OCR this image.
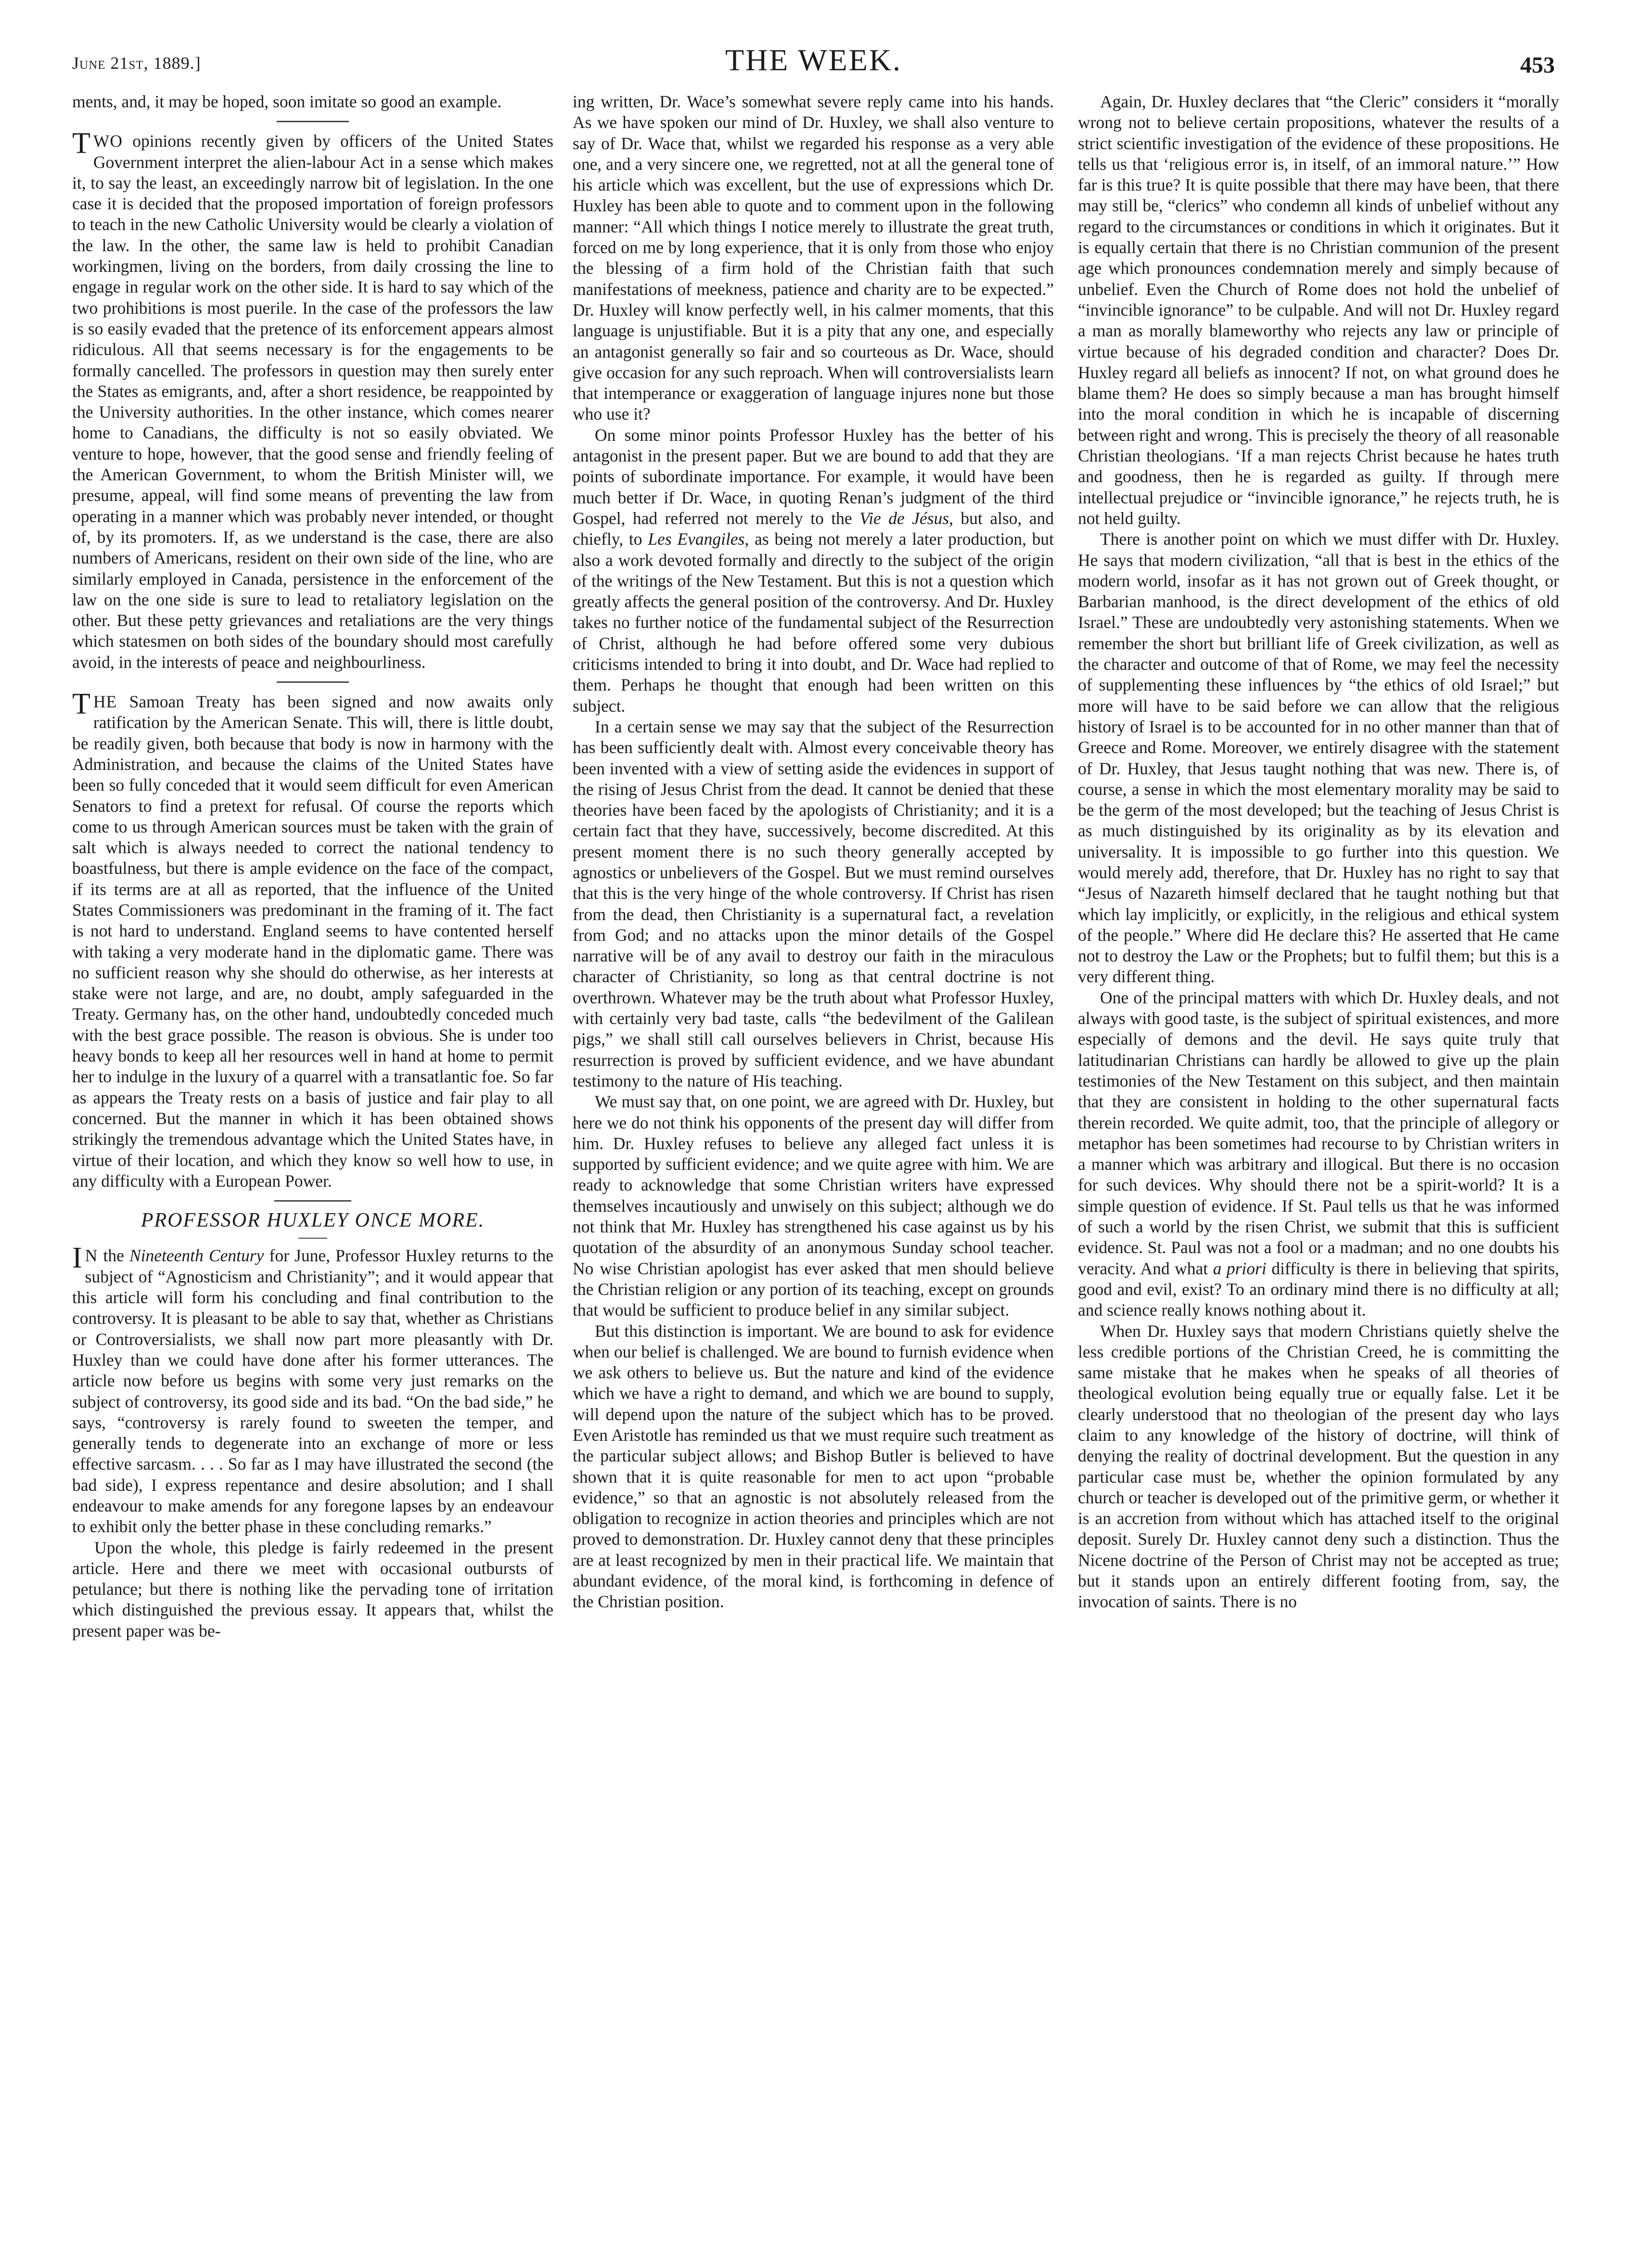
June 21st, 1889.]	THE WEEK.	453

ments, and, it may be hoped, soon imitate so good an example.

TWO opinions recently given by officers of the United States Government interpret the alien-labour Act in a sense which makes it, to say the least, an exceedingly narrow bit of legislation. In the one case it is decided that the proposed importation of foreign professors to teach in the new Catholic University would be clearly a violation of the law. In the other, the same law is held to prohibit Canadian workingmen, living on the borders, from daily crossing the line to engage in regular work on the other side. It is hard to say which of the two prohibitions is most puerile. In the case of the professors the law is so easily evaded that the pretence of its enforcement appears almost ridiculous. All that seems necessary is for the engagements to be formally cancelled. The professors in question may then surely enter the States as emigrants, and, after a short residence, be reappointed by the University authorities. In the other instance, which comes nearer home to Canadians, the difficulty is not so easily obviated. We venture to hope, however, that the good sense and friendly feeling of the American Government, to whom the British Minister will, we presume, appeal, will find some means of preventing the law from operating in a manner which was probably never intended, or thought of, by its promoters. If, as we understand is the case, there are also numbers of Americans, resident on their own side of the line, who are similarly employed in Canada, persistence in the enforcement of the law on the one side is sure to lead to retaliatory legislation on the other. But these petty grievances and retaliations are the very things which statesmen on both sides of the boundary should most carefully avoid, in the interests of peace and neighbourliness.

THE Samoan Treaty has been signed and now awaits only ratification by the American Senate. This will, there is little doubt, be readily given, both because that body is now in harmony with the Administration, and because the claims of the United States have been so fully conceded that it would seem difficult for even American Senators to find a pretext for refusal. Of course the reports which come to us through American sources must be taken with the grain of salt which is always needed to correct the national tendency to boastfulness, but there is ample evidence on the face of the compact, if its terms are at all as reported, that the influence of the United States Commissioners was predominant in the framing of it. The fact is not hard to understand. England seems to have contented herself with taking a very moderate hand in the diplomatic game. There was no sufficient reason why she should do otherwise, as her interests at stake were not large, and are, no doubt, amply safeguarded in the Treaty. Germany has, on the other hand, undoubtedly conceded much with the best grace possible. The reason is obvious. She is under too heavy bonds to keep all her resources well in hand at home to permit her to indulge in the luxury of a quarrel with a transatlantic foe. So far as appears the Treaty rests on a basis of justice and fair play to all concerned. But the manner in which it has been obtained shows strikingly the tremendous advantage which the United States have, in virtue of their location, and which they know so well how to use, in any difficulty with a European Power.

PROFESSOR HUXLEY ONCE MORE.

I N the Nineteenth Century for June, Professor Huxley returns to the subject of “Agnosticism and Christianity”; and it would appear that this article will form his concluding and final contribution to the controversy. It is pleasant to be able to say that, whether as Christians or Controversialists, we shall now part more pleasantly with Dr. Huxley than we could have done after his former utterances. The article now before us begins with some very just remarks on the subject of controversy, its good side and its bad. “On the bad side,” he says, “controversy is rarely found to sweeten the temper, and generally tends to degenerate into an exchange of more or less effective sarcasm. . . . So far as I may have illustrated the second (the bad side), I express repentance and desire absolution; and I shall endeavour to make amends for any foregone lapses by an endeavour to exhibit only the better phase in these concluding remarks.”

Upon the whole, this pledge is fairly redeemed in the present article. Here and there we meet with occasional outbursts of petulance; but there is nothing like the pervading tone of irritation which distinguished the previous essay. It appears that, whilst the present paper was be-

ing written, Dr. Wace’s somewhat severe reply came into his hands. As we have spoken our mind of Dr. Huxley, we shall also venture to say of Dr. Wace that, whilst we regarded his response as a very able one, and a very sincere one, we regretted, not at all the general tone of his article which was excellent, but the use of expressions which Dr. Huxley has been able to quote and to comment upon in the following manner: “All which things I notice merely to illustrate the great truth, forced on me by long experience, that it is only from those who enjoy the blessing of a firm hold of the Christian faith that such manifestations of meekness, patience and charity are to be expected.” Dr. Huxley will know perfectly well, in his calmer moments, that this language is unjustifiable. But it is a pity that any one, and especially an antagonist generally so fair and so courteous as Dr. Wace, should give occasion for any such reproach. When will controversialists learn that intemperance or exaggeration of language injures none but those who use it?

On some minor points Professor Huxley has the better of his antagonist in the present paper. But we are bound to add that they are points of subordinate importance. For example, it would have been much better if Dr. Wace, in quoting Renan’s judgment of the third Gospel, had referred not merely to the Vie de Jésus, but also, and chiefly, to Les Evangiles, as being not merely a later production, but also a work devoted formally and directly to the subject of the origin of the writings of the New Testament. But this is not a question which greatly affects the general position of the controversy. And Dr. Huxley takes no further notice of the fundamental subject of the Resurrection of Christ, although he had before offered some very dubious criticisms intended to bring it into doubt, and Dr. Wace had replied to them. Perhaps he thought that enough had been written on this subject.

In a certain sense we may say that the subject of the Resurrection has been sufficiently dealt with. Almost every conceivable theory has been invented with a view of setting aside the evidences in support of the rising of Jesus Christ from the dead. It cannot be denied that these theories have been faced by the apologists of Christianity; and it is a certain fact that they have, successively, become discredited. At this present moment there is no such theory generally accepted by agnostics or unbelievers of the Gospel. But we must remind ourselves that this is the very hinge of the whole controversy. If Christ has risen from the dead, then Christianity is a supernatural fact, a revelation from God; and no attacks upon the minor details of the Gospel narrative will be of any avail to destroy our faith in the miraculous character of Christianity, so long as that central doctrine is not overthrown. Whatever may be the truth about what Professor Huxley, with certainly very bad taste, calls “the bedevilment of the Galilean pigs,” we shall still call ourselves believers in Christ, because His resurrection is proved by sufficient evidence, and we have abundant testimony to the nature of His teaching.

We must say that, on one point, we are agreed with Dr. Huxley, but here we do not think his opponents of the present day will differ from him. Dr. Huxley refuses to believe any alleged fact unless it is supported by sufficient evidence; and we quite agree with him. We are ready to acknowledge that some Christian writers have expressed themselves incautiously and unwisely on this subject; although we do not think that Mr. Huxley has strengthened his case against us by his quotation of the absurdity of an anonymous Sunday school teacher. No wise Christian apologist has ever asked that men should believe the Christian religion or any portion of its teaching, except on grounds that would be sufficient to produce belief in any similar subject.

But this distinction is important. We are bound to ask for evidence when our belief is challenged. We are bound to furnish evidence when we ask others to believe us. But the nature and kind of the evidence which we have a right to demand, and which we are bound to supply, will depend upon the nature of the subject which has to be proved. Even Aristotle has reminded us that we must require such treatment as the particular subject allows; and Bishop Butler is believed to have shown that it is quite reasonable for men to act upon “probable evidence,” so that an agnostic is not absolutely released from the obligation to recognize in action theories and principles which are not proved to demonstration. Dr. Huxley cannot deny that these principles are at least recognized by men in their practical life. We maintain that abundant evidence, of the moral kind, is forthcoming in defence of the Christian position.

Again, Dr. Huxley declares that “the Cleric” considers it “morally wrong not to believe certain propositions, whatever the results of a strict scientific investigation of the evidence of these propositions. He tells us that ‘religious error is, in itself, of an immoral nature.’” How far is this true? It is quite possible that there may have been, that there may still be, “clerics” who condemn all kinds of unbelief without any regard to the circumstances or conditions in which it originates. But it is equally certain that there is no Christian communion of the present age which pronounces condemnation merely and simply because of unbelief. Even the Church of Rome does not hold the unbelief of “invincible ignorance” to be culpable. And will not Dr. Huxley regard a man as morally blameworthy who rejects any law or principle of virtue because of his degraded condition and character? Does Dr. Huxley regard all beliefs as innocent? If not, on what ground does he blame them? He does so simply because a man has brought himself into the moral condition in which he is incapable of discerning between right and wrong. This is precisely the theory of all reasonable Christian theologians. ‘If a man rejects Christ because he hates truth and goodness, then he is regarded as guilty. If through mere intellectual prejudice or “invincible ignorance,” he rejects truth, he is not held guilty.

There is another point on which we must differ with Dr. Huxley. He says that modern civilization, “all that is best in the ethics of the modern world, insofar as it has not grown out of Greek thought, or Barbarian manhood, is the direct development of the ethics of old Israel.” These are undoubtedly very astonishing statements. When we remember the short but brilliant life of Greek civilization, as well as the character and outcome of that of Rome, we may feel the necessity of supplementing these influences by “the ethics of old Israel;” but more will have to be said before we can allow that the religious history of Israel is to be accounted for in no other manner than that of Greece and Rome. Moreover, we entirely disagree with the statement of Dr. Huxley, that Jesus taught nothing that was new. There is, of course, a sense in which the most elementary morality may be said to be the germ of the most developed; but the teaching of Jesus Christ is as much distinguished by its originality as by its elevation and universality. It is impossible to go further into this question. We would merely add, therefore, that Dr. Huxley has no right to say that “Jesus of Nazareth himself declared that he taught nothing but that which lay implicitly, or explicitly, in the religious and ethical system of the people.” Where did He declare this? He asserted that He came not to destroy the Law or the Prophets; but to fulfil them; but this is a very different thing.

One of the principal matters with which Dr. Huxley deals, and not always with good taste, is the subject of spiritual existences, and more especially of demons and the devil. He says quite truly that latitudinarian Christians can hardly be allowed to give up the plain testimonies of the New Testament on this subject, and then maintain that they are consistent in holding to the other supernatural facts therein recorded. We quite admit, too, that the principle of allegory or metaphor has been sometimes had recourse to by Christian writers in a manner which was arbitrary and illogical. But there is no occasion for such devices. Why should there not be a spirit-world? It is a simple question of evidence. If St. Paul tells us that he was informed of such a world by the risen Christ, we submit that this is sufficient evidence. St. Paul was not a fool or a madman; and no one doubts his veracity. And what a priori difficulty is there in believing that spirits, good and evil, exist? To an ordinary mind there is no difficulty at all; and science really knows nothing about it.

When Dr. Huxley says that modern Christians quietly shelve the less credible portions of the Christian Creed, he is committing the same mistake that he makes when he speaks of all theories of theological evolution being equally true or equally false. Let it be clearly understood that no theologian of the present day who lays claim to any knowledge of the history of doctrine, will think of denying the reality of doctrinal development. But the question in any particular case must be, whether the opinion formulated by any church or teacher is developed out of the primitive germ, or whether it is an accretion from without which has attached itself to the original deposit. Surely Dr. Huxley cannot deny such a distinction. Thus the Nicene doctrine of the Person of Christ may not be accepted as true; but it stands upon an entirely different footing from, say, the invocation of saints. There is no
